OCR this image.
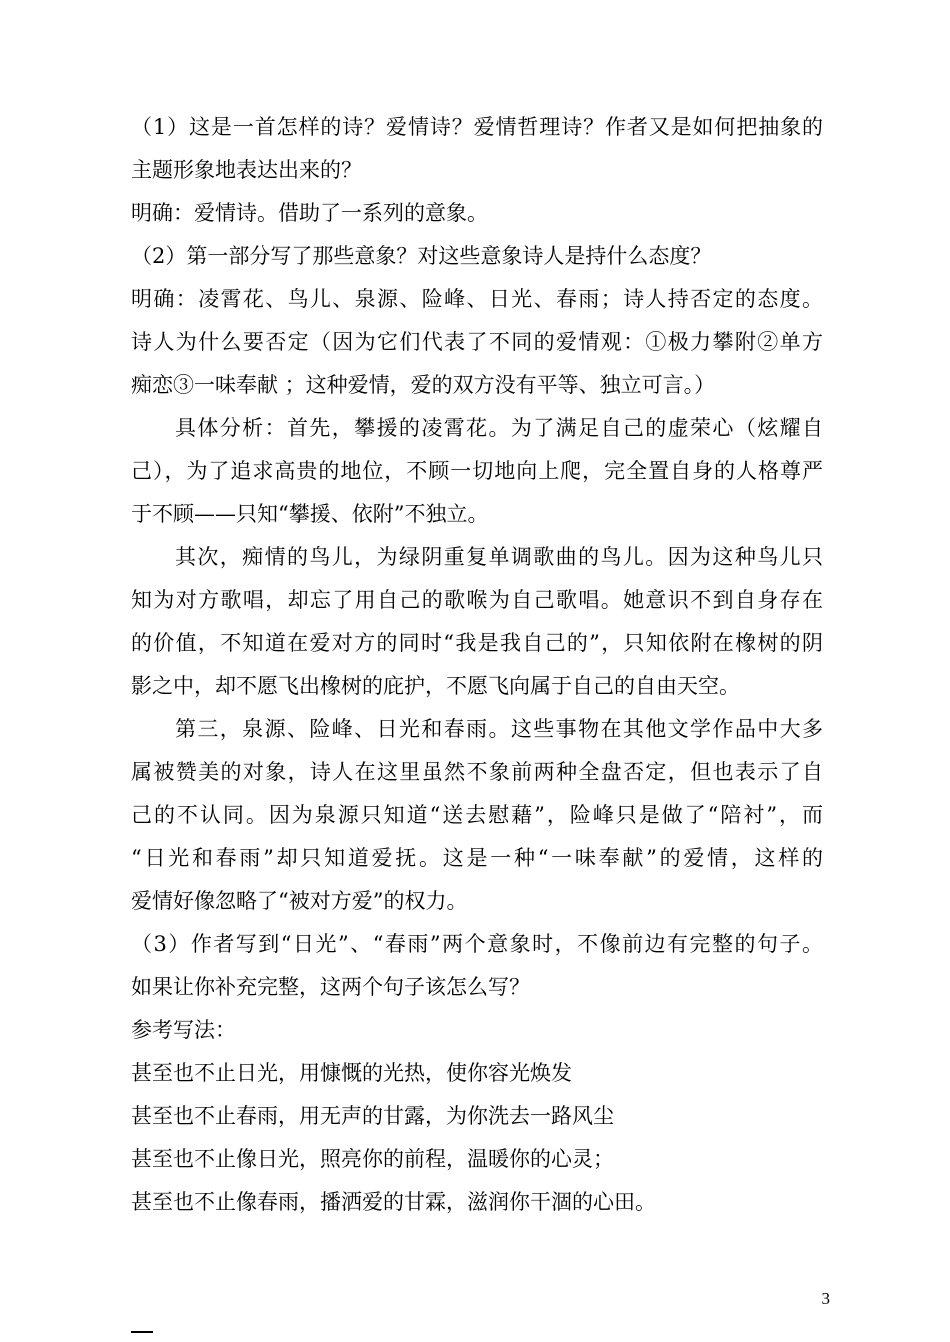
（1）这是一首怎样的诗？爱情诗？爱情哲理诗？作者又是如何把抽象的
主题形象地表达出来的？
明确：爱情诗。借助了一系列的意象。
（2）第一部分写了那些意象？对这些意象诗人是持什么态度？
明确：凌霄花、鸟儿、泉源、险峰、日光、春雨；诗人持否定的态度。
诗人为什么要否定（因为它们代表了不同的爱情观：①极力攀附②单方
痴恋③一味奉献 ；这种爱情，爱的双方没有平等、独立可言。）
具体分析：首先，攀援的凌霄花。为了满足自己的虚荣心（炫耀自
己），为了追求高贵的地位，不顾一切地向上爬，完全置自身的人格尊严
于不顾——只知“攀援、依附”不独立。
其次，痴情的鸟儿，为绿阴重复单调歌曲的鸟儿。因为这种鸟儿只
知为对方歌唱，却忘了用自己的歌喉为自己歌唱。她意识不到自身存在
的价值，不知道在爱对方的同时“我是我自己的”，只知依附在橡树的阴
影之中，却不愿飞出橡树的庇护，不愿飞向属于自己的自由天空。
第三，泉源、险峰、日光和春雨。这些事物在其他文学作品中大多
属被赞美的对象，诗人在这里虽然不象前两种全盘否定，但也表示了自
己的不认同。因为泉源只知道“送去慰藉”，险峰只是做了“陪衬”，而
“日光和春雨”却只知道爱抚。这是一种“一味奉献”的爱情，这样的
爱情好像忽略了“被对方爱”的权力。
（3）作者写到“日光”、“春雨”两个意象时，不像前边有完整的句子。
如果让你补充完整，这两个句子该怎么写？
参考写法：
甚至也不止日光，用慷慨的光热，使你容光焕发
甚至也不止春雨，用无声的甘露，为你洗去一路风尘
甚至也不止像日光，照亮你的前程，温暖你的心灵；
甚至也不止像春雨，播洒爱的甘霖，滋润你干涸的心田。
3
